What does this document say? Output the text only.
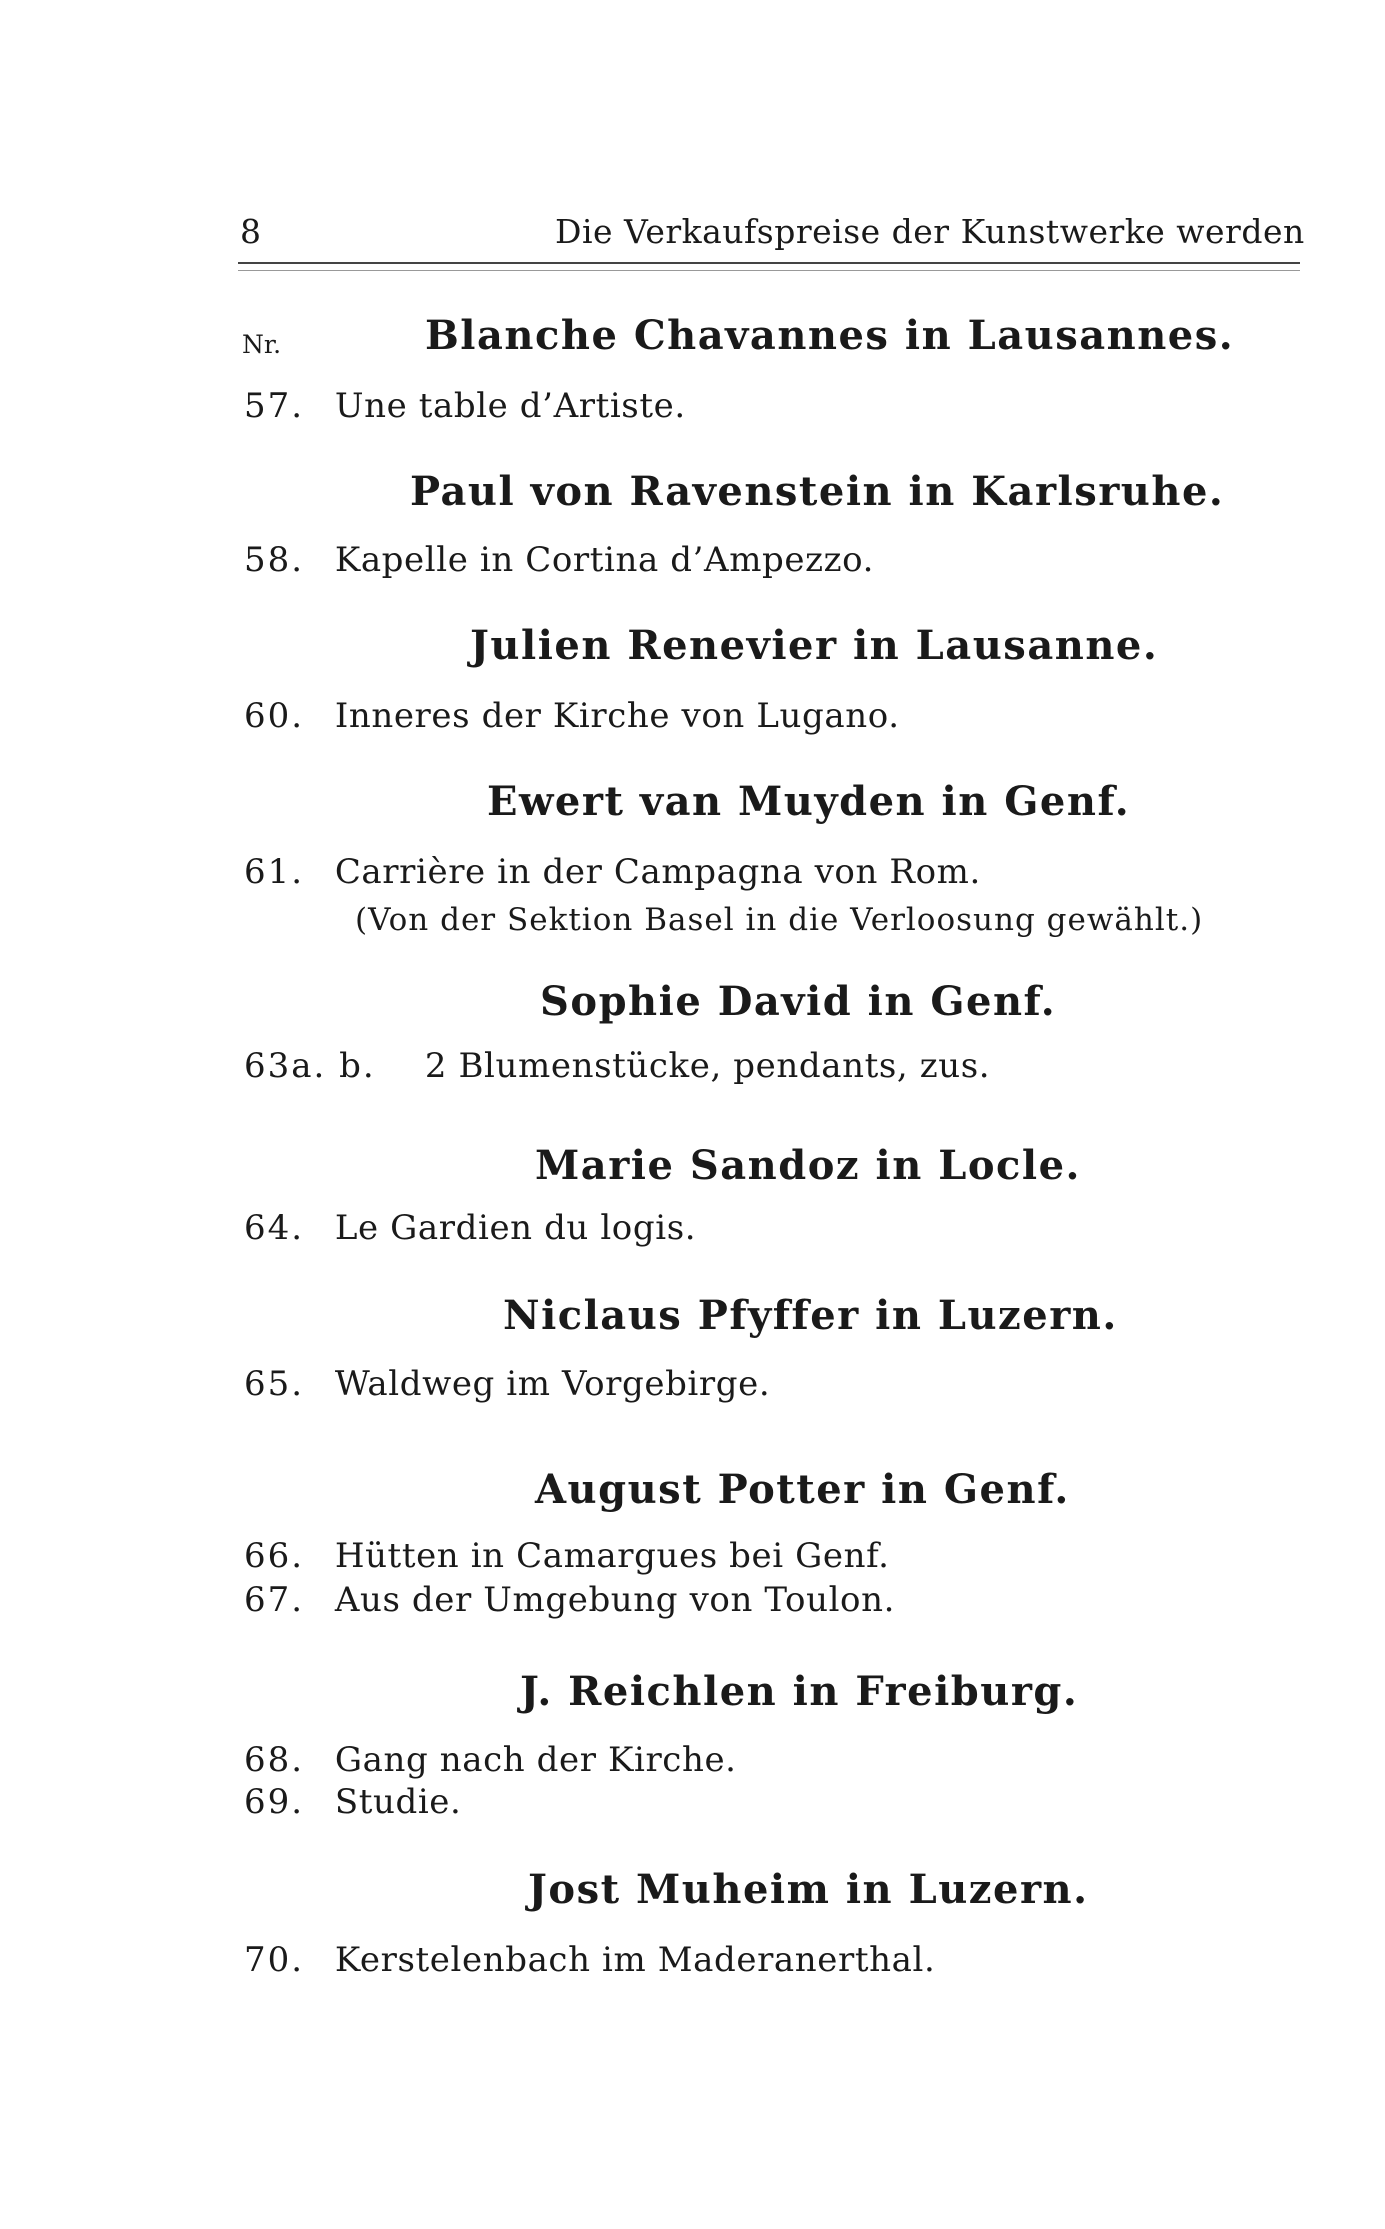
8	Die Verkaufspreise der Kunstwerke werden
Nr.	Blanche Chavannes in Lausannes.
57. Une table d’Artiste.
Paul von Ravenstein in Karlsruhe.
58. Kapelle in Cortina d’Ampezzo.
Julien Renevier in Lausanne.
60. Inneres der Kirche von Lugano.
Ewert van Muyden in Genf.
61. Carrière in der Campagna von Rom.
(Von der Sektion Basel in die Verloosung gewählt.)
Sophie David in Genf.
63a. b. 2 Blumenstücke, pendants, zus.
Marie Sandoz in Locle.
64. Le Gardien du logis.
Niclaus Pfyffer in Luzern.
65. Waldweg im Vorgebirge.
August Potter in Genf.
66. Hütten in Camargues bei Genf.
67. Aus der Umgebung von Toulon.
J. Reichlen in Freiburg.
68. Gang nach der Kirche.
69. Studie.
Jost Muheim in Luzern.
70. Kerstelenbach im Maderanerthal.
